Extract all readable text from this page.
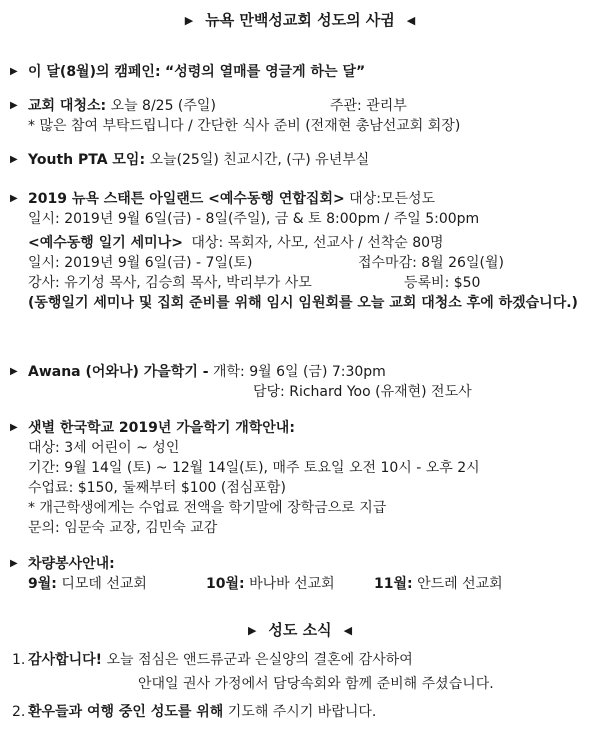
▶ 뉴욕 만백성교회 성도의 사귐 ◀
▶ 이 달(8월)의 캠페인: “성령의 열매를 영글게 하는 달”
▶ 교회 대청소: 오늘 8/25 (주일)	주관: 관리부
* 많은 참여 부탁드립니다 / 간단한 식사 준비 (전재현 총남선교회 회장)
▶ Youth PTA 모임: 오늘(25일) 친교시간, (구) 유년부실
▶ 2019 뉴욕 스태튼 아일랜드 <예수동행 연합집회> 대상:모든성도
일시: 2019년 9월 6일(금) - 8일(주일), 금 & 토 8:00pm / 주일 5:00pm
<예수동행 일기 세미나> 대상: 목회자, 사모, 선교사 / 선착순 80명
일시: 2019년 9월 6일(금) - 7일(토)	접수마감: 8월 26일(월)
강사: 유기성 목사, 김승희 목사, 박리부가 사모	등록비: $50
(동행일기 세미나 및 집회 준비를 위해 임시 임원회를 오늘 교회 대청소 후에 하겠습니다.)
▶ Awana (어와나) 가을학기 - 개학: 9월 6일 (금) 7:30pm
담당: Richard Yoo (유재현) 전도사
▶ 샛별 한국학교 2019년 가을학기 개학안내:
대상: 3세 어린이 ~ 성인
기간: 9월 14일 (토) ~ 12월 14일(토), 매주 토요일 오전 10시 - 오후 2시
수업료: $150, 둘째부터 $100 (점심포함)
* 개근학생에게는 수업료 전액을 학기말에 장학금으로 지급
문의: 임문숙 교장, 김민숙 교감
▶ 차량봉사안내:
9월: 디모데 선교회	10월: 바나바 선교회	11월: 안드레 선교회
▶ 성도 소식 ◀
1. 감사합니다! 오늘 점심은 앤드류군과 은실양의 결혼에 감사하여
안대일 권사 가정에서 담당속회와 함께 준비해 주셨습니다.
2. 환우들과 여행 중인 성도를 위해 기도해 주시기 바랍니다.
